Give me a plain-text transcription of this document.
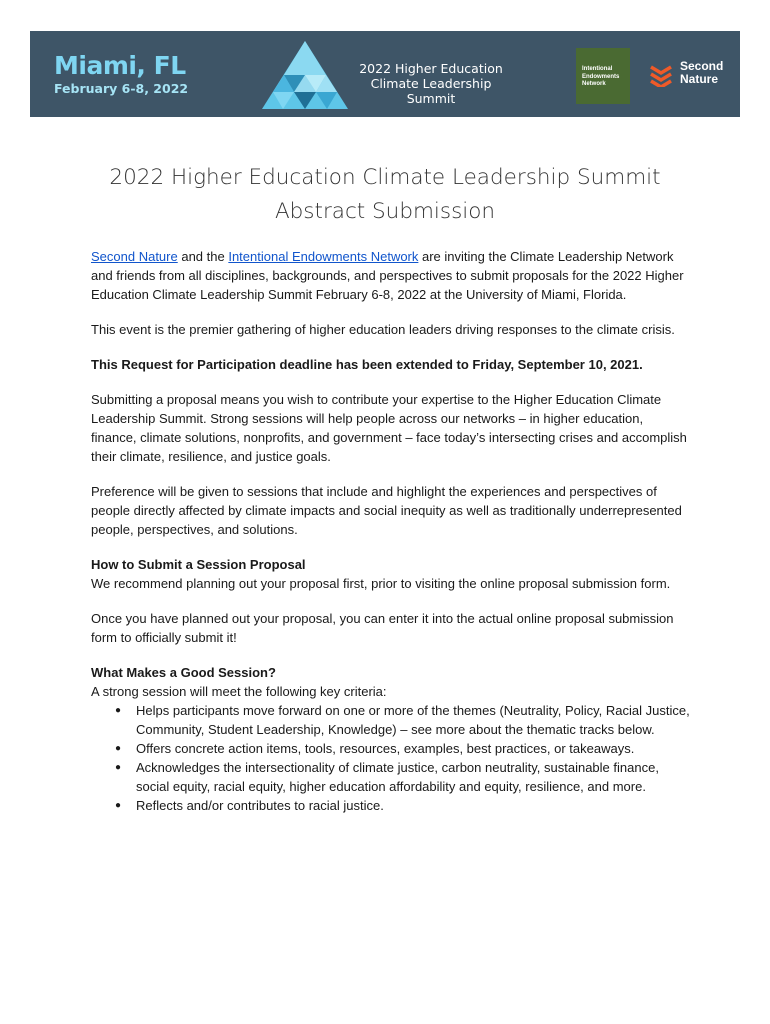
Miami, FL
February 6-8, 2022
2022 Higher Education
Climate Leadership Summit
Intentional
Endowments
Network
Second
Nature
2022 Higher Education Climate Leadership Summit
Abstract Submission

Second Nature and the Intentional Endowments Network are inviting the Climate Leadership Network and friends from all disciplines, backgrounds, and perspectives to submit proposals for the 2022 Higher Education Climate Leadership Summit February 6-8, 2022 at the University of Miami, Florida.

This event is the premier gathering of higher education leaders driving responses to the climate crisis.

This Request for Participation deadline has been extended to Friday, September 10, 2021.

Submitting a proposal means you wish to contribute your expertise to the Higher Education Climate Leadership Summit. Strong sessions will help people across our networks – in higher education, finance, climate solutions, nonprofits, and government – face today’s intersecting crises and accomplish their climate, resilience, and justice goals.

Preference will be given to sessions that include and highlight the experiences and perspectives of people directly affected by climate impacts and social inequity as well as traditionally underrepresented people, perspectives, and solutions.

How to Submit a Session Proposal

We recommend planning out your proposal first, prior to visiting the online proposal submission form.

Once you have planned out your proposal, you can enter it into the actual online proposal submission form to officially submit it!

What Makes a Good Session?

A strong session will meet the following key criteria:

● Helps participants move forward on one or more of the themes (Neutrality, Policy, Racial Justice, Community, Student Leadership, Knowledge) – see more about the thematic tracks below.
● Offers concrete action items, tools, resources, examples, best practices, or takeaways.
● Acknowledges the intersectionality of climate justice, carbon neutrality, sustainable finance, social equity, racial equity, higher education affordability and equity, resilience, and more.
● Reflects and/or contributes to racial justice.
